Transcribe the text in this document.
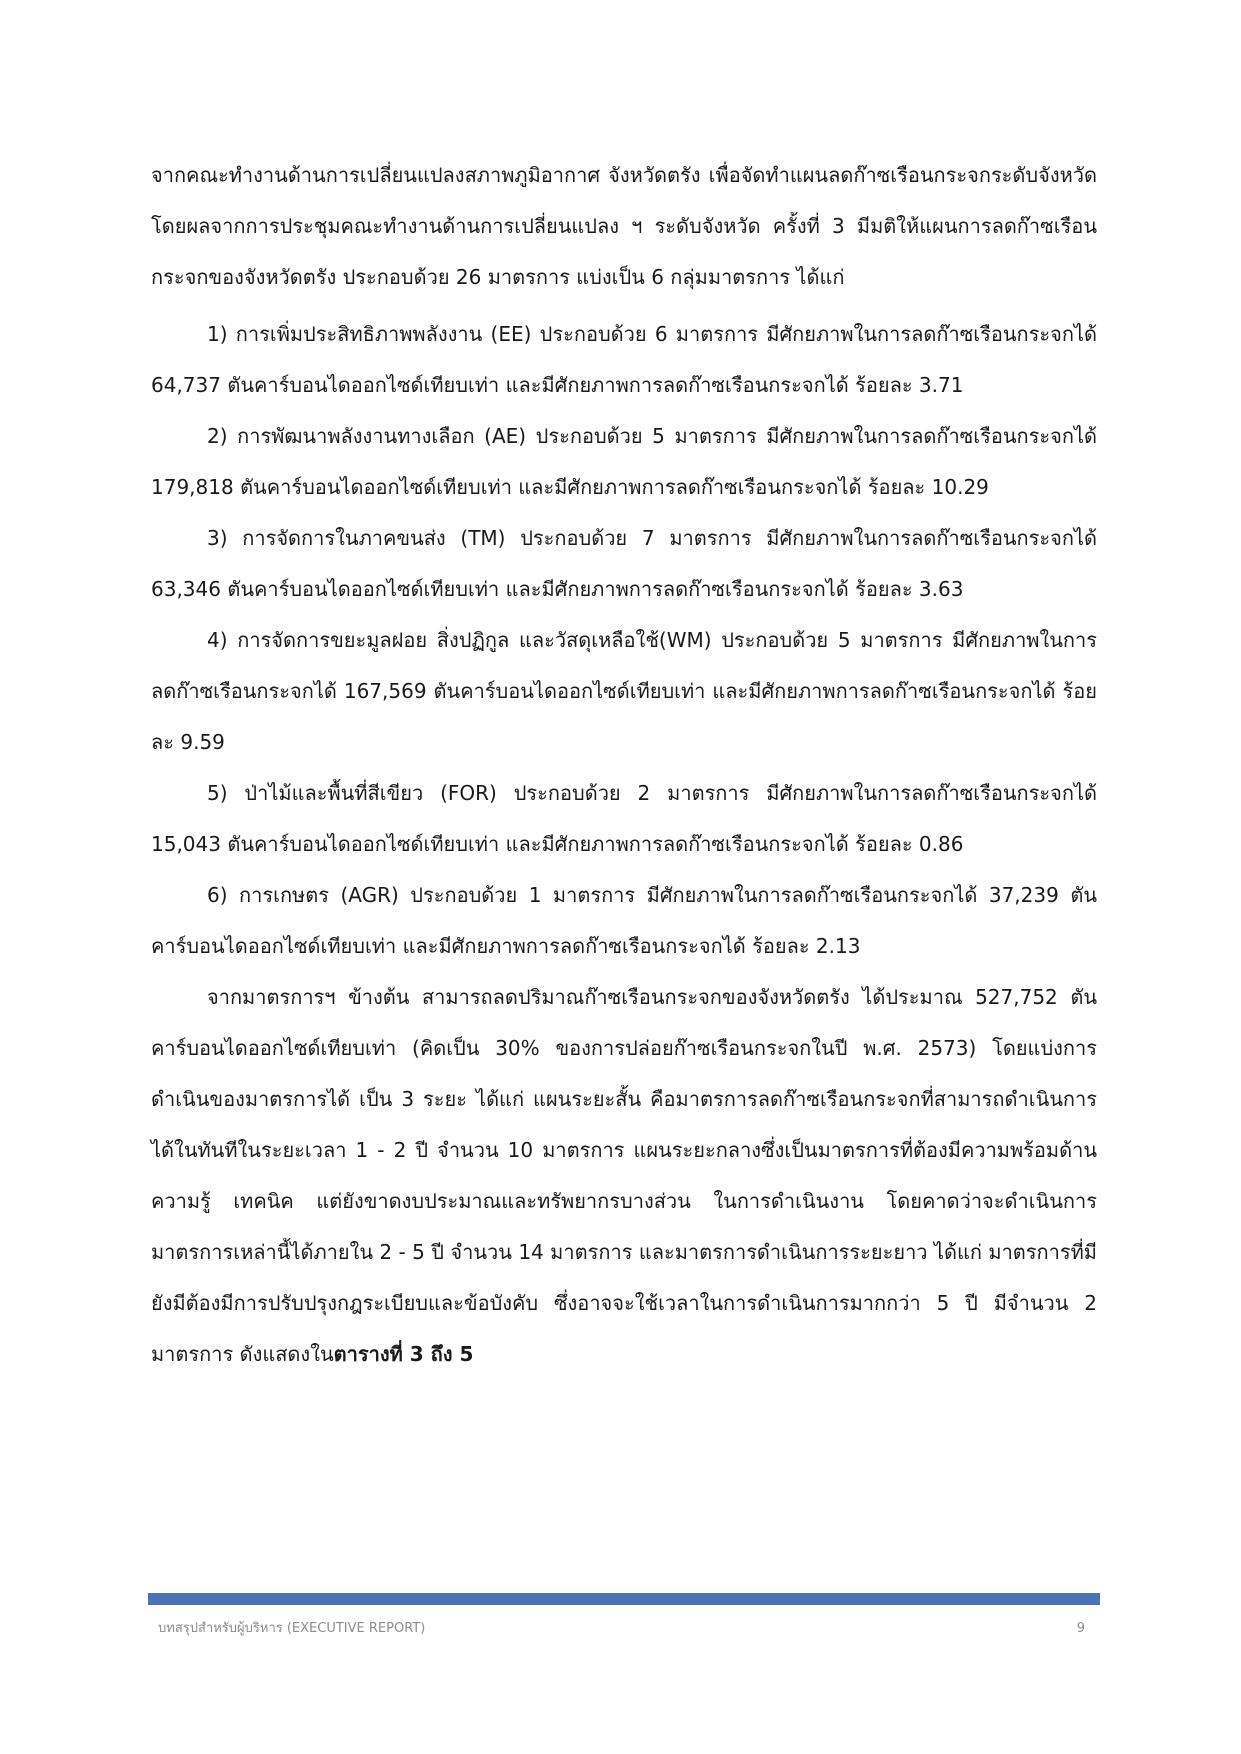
จากคณะทำงานด้านการเปลี่ยนแปลงสภาพภูมิอากาศ จังหวัดตรัง เพื่อจัดทำแผนลดก๊าซเรือนกระจกระดับจังหวัด โดยผลจากการประชุมคณะทำงานด้านการเปลี่ยนแปลง ฯ ระดับจังหวัด ครั้งที่ 3 มีมติให้แผนการลดก๊าซเรือนกระจกของจังหวัดตรัง ประกอบด้วย 26 มาตรการ แบ่งเป็น 6 กลุ่มมาตรการ ได้แก่

1) การเพิ่มประสิทธิภาพพลังงาน (EE) ประกอบด้วย 6 มาตรการ มีศักยภาพในการลดก๊าซเรือนกระจกได้ 64,737 ตันคาร์บอนไดออกไซด์เทียบเท่า และมีศักยภาพการลดก๊าซเรือนกระจกได้ ร้อยละ 3.71

2) การพัฒนาพลังงานทางเลือก (AE) ประกอบด้วย 5 มาตรการ มีศักยภาพในการลดก๊าซเรือนกระจกได้ 179,818 ตันคาร์บอนไดออกไซด์เทียบเท่า และมีศักยภาพการลดก๊าซเรือนกระจกได้ ร้อยละ 10.29

3) การจัดการในภาคขนส่ง (TM) ประกอบด้วย 7 มาตรการ มีศักยภาพในการลดก๊าซเรือนกระจกได้ 63,346 ตันคาร์บอนไดออกไซด์เทียบเท่า และมีศักยภาพการลดก๊าซเรือนกระจกได้ ร้อยละ 3.63

4) การจัดการขยะมูลฝอย สิ่งปฏิกูล และวัสดุเหลือใช้(WM) ประกอบด้วย 5 มาตรการ มีศักยภาพในการลดก๊าซเรือนกระจกได้ 167,569 ตันคาร์บอนไดออกไซด์เทียบเท่า และมีศักยภาพการลดก๊าซเรือนกระจกได้ ร้อยละ 9.59

5) ป่าไม้และพื้นที่สีเขียว (FOR) ประกอบด้วย 2 มาตรการ มีศักยภาพในการลดก๊าซเรือนกระจกได้ 15,043 ตันคาร์บอนไดออกไซด์เทียบเท่า และมีศักยภาพการลดก๊าซเรือนกระจกได้ ร้อยละ 0.86

6) การเกษตร (AGR) ประกอบด้วย 1 มาตรการ มีศักยภาพในการลดก๊าซเรือนกระจกได้ 37,239 ตันคาร์บอนไดออกไซด์เทียบเท่า และมีศักยภาพการลดก๊าซเรือนกระจกได้ ร้อยละ 2.13

จากมาตรการฯ ข้างต้น สามารถลดปริมาณก๊าซเรือนกระจกของจังหวัดตรัง ได้ประมาณ 527,752 ตันคาร์บอนไดออกไซด์เทียบเท่า (คิดเป็น 30% ของการปล่อยก๊าซเรือนกระจกในปี พ.ศ. 2573) โดยแบ่งการดำเนินของมาตรการได้ เป็น 3 ระยะ ได้แก่ แผนระยะสั้น คือมาตรการลดก๊าซเรือนกระจกที่สามารถดำเนินการได้ในทันทีในระยะเวลา 1 - 2 ปี จำนวน 10 มาตรการ แผนระยะกลางซึ่งเป็นมาตรการที่ต้องมีความพร้อมด้านความรู้ เทคนิค แต่ยังขาดงบประมาณและทรัพยากรบางส่วน ในการดำเนินงาน โดยคาดว่าจะดำเนินการมาตรการเหล่านี้ได้ภายใน 2 - 5 ปี จำนวน 14 มาตรการ และมาตรการดำเนินการระยะยาว ได้แก่ มาตรการที่มียังมีต้องมีการปรับปรุงกฎระเบียบและข้อบังคับ ซึ่งอาจจะใช้เวลาในการดำเนินการมากกว่า 5 ปี มีจำนวน 2 มาตรการ ดังแสดงในตารางที่ 3 ถึง 5

บทสรุปสำหรับผู้บริหาร (EXECUTIVE REPORT)	9
